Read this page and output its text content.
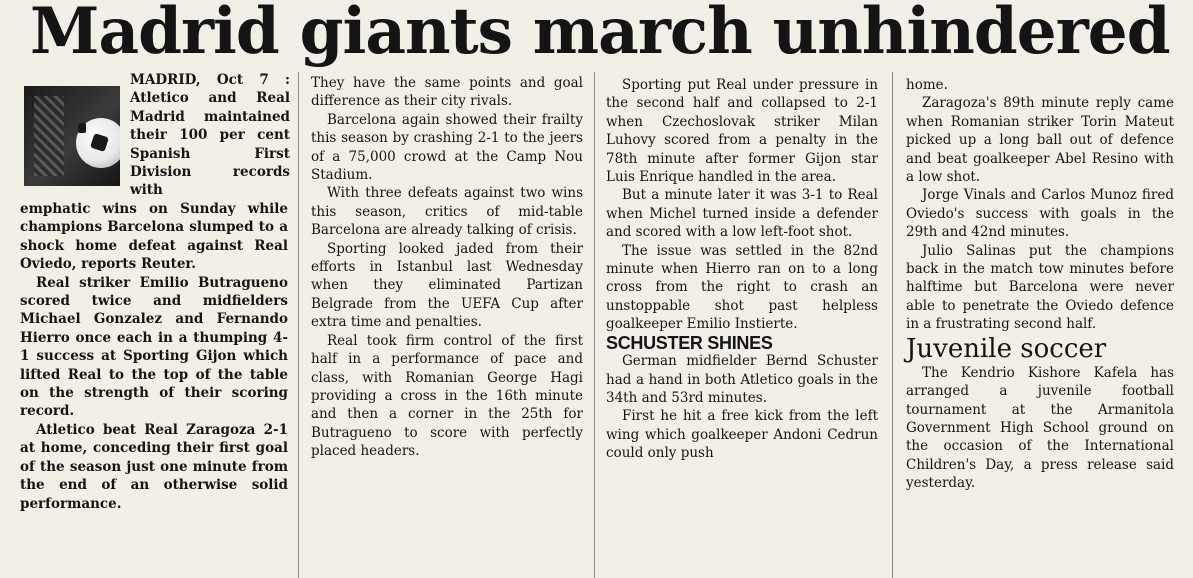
Madrid giants march unhindered

MADRID, Oct 7 : Atletico and Real Madrid maintained their 100 per cent Spanish First Division records with

emphatic wins on Sunday while champions Barcelona slumped to a shock home defeat against Real Oviedo, reports Reuter.

Real striker Emilio Butragueno scored twice and midfielders Michael Gonzalez and Fernando Hierro once each in a thumping 4-1 success at Sporting Gijon which lifted Real to the top of the table on the strength of their scoring record.

Atletico beat Real Zaragoza 2-1 at home, conceding their first goal of the season just one minute from the end of an otherwise solid performance.

They have the same points and goal difference as their city rivals.

Barcelona again showed their frailty this season by crashing 2-1 to the jeers of a 75,000 crowd at the Camp Nou Stadium.

With three defeats against two wins this season, critics of mid-table Barcelona are already talking of crisis.

Sporting looked jaded from their efforts in Istanbul last Wednesday when they eliminated Partizan Belgrade from the UEFA Cup after extra time and penalties.

Real took firm control of the first half in a performance of pace and class, with Romanian George Hagi providing a cross in the 16th minute and then a corner in the 25th for Butragueno to score with perfectly placed headers.

Sporting put Real under pressure in the second half and collapsed to 2-1 when Czechoslovak striker Milan Luhovy scored from a penalty in the 78th minute after former Gijon star Luis Enrique handled in the area.

But a minute later it was 3-1 to Real when Michel turned inside a defender and scored with a low left-foot shot.

The issue was settled in the 82nd minute when Hierro ran on to a long cross from the right to crash an unstoppable shot past helpless goalkeeper Emilio Instierte.

SCHUSTER SHINES

German midfielder Bernd Schuster had a hand in both Atletico goals in the 34th and 53rd minutes.

First he hit a free kick from the left wing which goalkeeper Andoni Cedrun could only push

home.

Zaragoza's 89th minute reply came when Romanian striker Torin Mateut picked up a long ball out of defence and beat goalkeeper Abel Resino with a low shot.

Jorge Vinals and Carlos Munoz fired Oviedo's success with goals in the 29th and 42nd minutes.

Julio Salinas put the champions back in the match tow minutes before halftime but Barcelona were never able to penetrate the Oviedo defence in a frustrating second half.

Juvenile soccer

The Kendrio Kishore Kafela has arranged a juvenile football tournament at the Armanitola Government High School ground on the occasion of the International Children's Day, a press release said yesterday.
